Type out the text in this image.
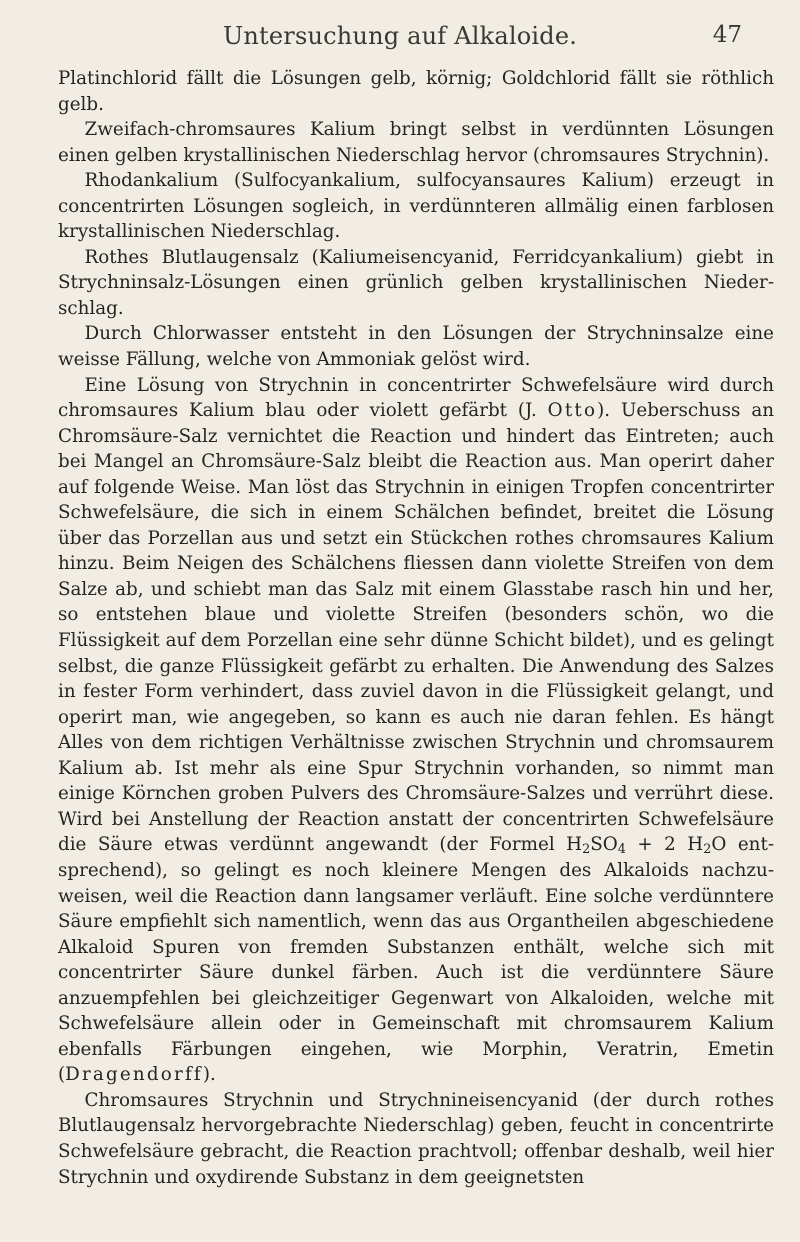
Untersuchung auf Alkaloide.	47

Platinchlorid fällt die Lösungen gelb, körnig; Goldchlorid fällt sie röthlich gelb.

Zweifach-chromsaures Kalium bringt selbst in verdünnten Lösungen einen gelben krystallinischen Niederschlag hervor (chromsaures Strychnin).

Rhodankalium (Sulfocyankalium, sulfocyansaures Kalium) erzeugt in concentrirten Lösungen sogleich, in verdünnteren allmälig einen farblosen krystallinischen Niederschlag.

Rothes Blutlaugensalz (Kaliumeisencyanid, Ferridcyankalium) giebt in Strychninsalz-Lösungen einen grünlich gelben krystallinischen Niederschlag.

Durch Chlorwasser entsteht in den Lösungen der Strychninsalze eine weisse Fällung, welche von Ammoniak gelöst wird.

Eine Lösung von Strychnin in concentrirter Schwefelsäure wird durch chromsaures Kalium blau oder violett gefärbt (J. Otto). Ueberschuss an Chromsäure-Salz vernichtet die Reaction und hindert das Eintreten; auch bei Mangel an Chromsäure-Salz bleibt die Reaction aus. Man operirt daher auf folgende Weise. Man löst das Strychnin in einigen Tropfen concentrirter Schwefelsäure, die sich in einem Schälchen befindet, breitet die Lösung über das Porzellan aus und setzt ein Stückchen rothes chromsaures Kalium hinzu. Beim Neigen des Schälchens fliessen dann violette Streifen von dem Salze ab, und schiebt man das Salz mit einem Glasstabe rasch hin und her, so entstehen blaue und violette Streifen (besonders schön, wo die Flüssigkeit auf dem Porzellan eine sehr dünne Schicht bildet), und es gelingt selbst, die ganze Flüssigkeit gefärbt zu erhalten. Die Anwendung des Salzes in fester Form verhindert, dass zuviel davon in die Flüssigkeit gelangt, und operirt man, wie angegeben, so kann es auch nie daran fehlen. Es hängt Alles von dem richtigen Verhältnisse zwischen Strychnin und chromsaurem Kalium ab. Ist mehr als eine Spur Strychnin vorhanden, so nimmt man einige Körnchen groben Pulvers des Chromsäure-Salzes und verrührt diese. Wird bei Anstellung der Reaction anstatt der concentrirten Schwefelsäure die Säure etwas verdünnt angewandt (der Formel $H_2SO_4 + 2$ $H_2O$ entsprechend), so gelingt es noch kleinere Mengen des Alkaloids nachzuweisen, weil die Reaction dann langsamer verläuft. Eine solche verdünntere Säure empfiehlt sich namentlich, wenn das aus Organtheilen abgeschiedene Alkaloid Spuren von fremden Substanzen enthält, welche sich mit concentrirter Säure dunkel färben. Auch ist die verdünntere Säure anzuempfehlen bei gleichzeitiger Gegenwart von Alkaloiden, welche mit Schwefelsäure allein oder in Gemeinschaft mit chromsaurem Kalium ebenfalls Färbungen eingehen, wie Morphin, Veratrin, Emetin (Dragendorff).

Chromsaures Strychnin und Strychnineisencyanid (der durch rothes Blutlaugensalz hervorgebrachte Niederschlag) geben, feucht in concentrirte Schwefelsäure gebracht, die Reaction prachtvoll; offenbar deshalb, weil hier Strychnin und oxydirende Substanz in dem geeignetsten
